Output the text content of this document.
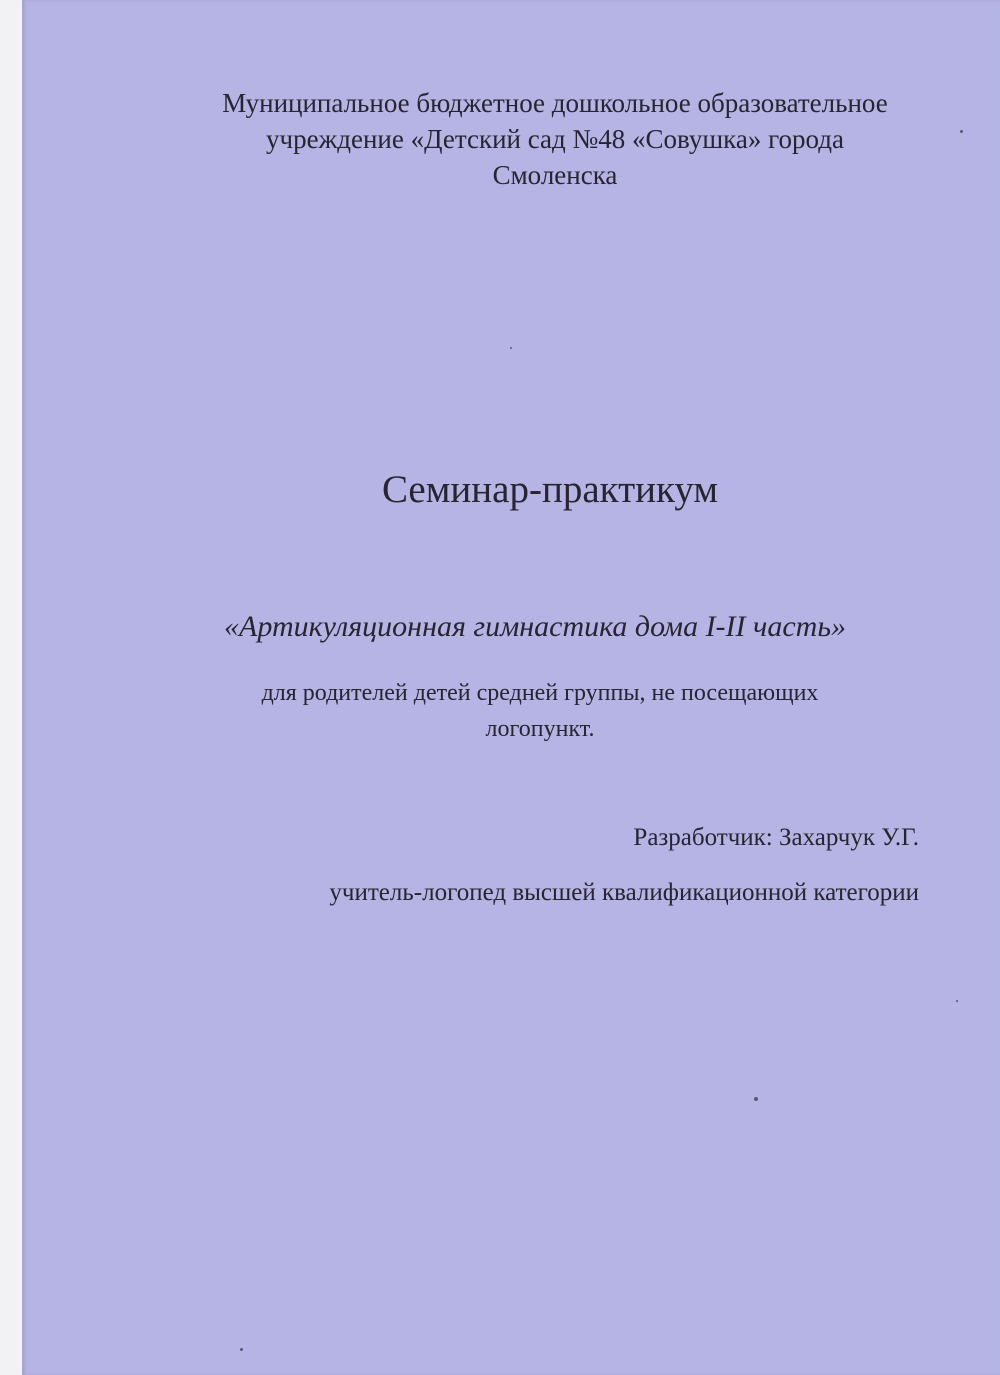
Муниципальное бюджетное дошкольное образовательное
учреждение «Детский сад №48 «Совушка» города
Смоленска
Семинар-практикум
«Артикуляционная гимнастика дома I-II часть»
для родителей детей средней группы, не посещающих
логопункт.
Разработчик: Захарчук У.Г.
учитель-логопед высшей квалификационной категории
